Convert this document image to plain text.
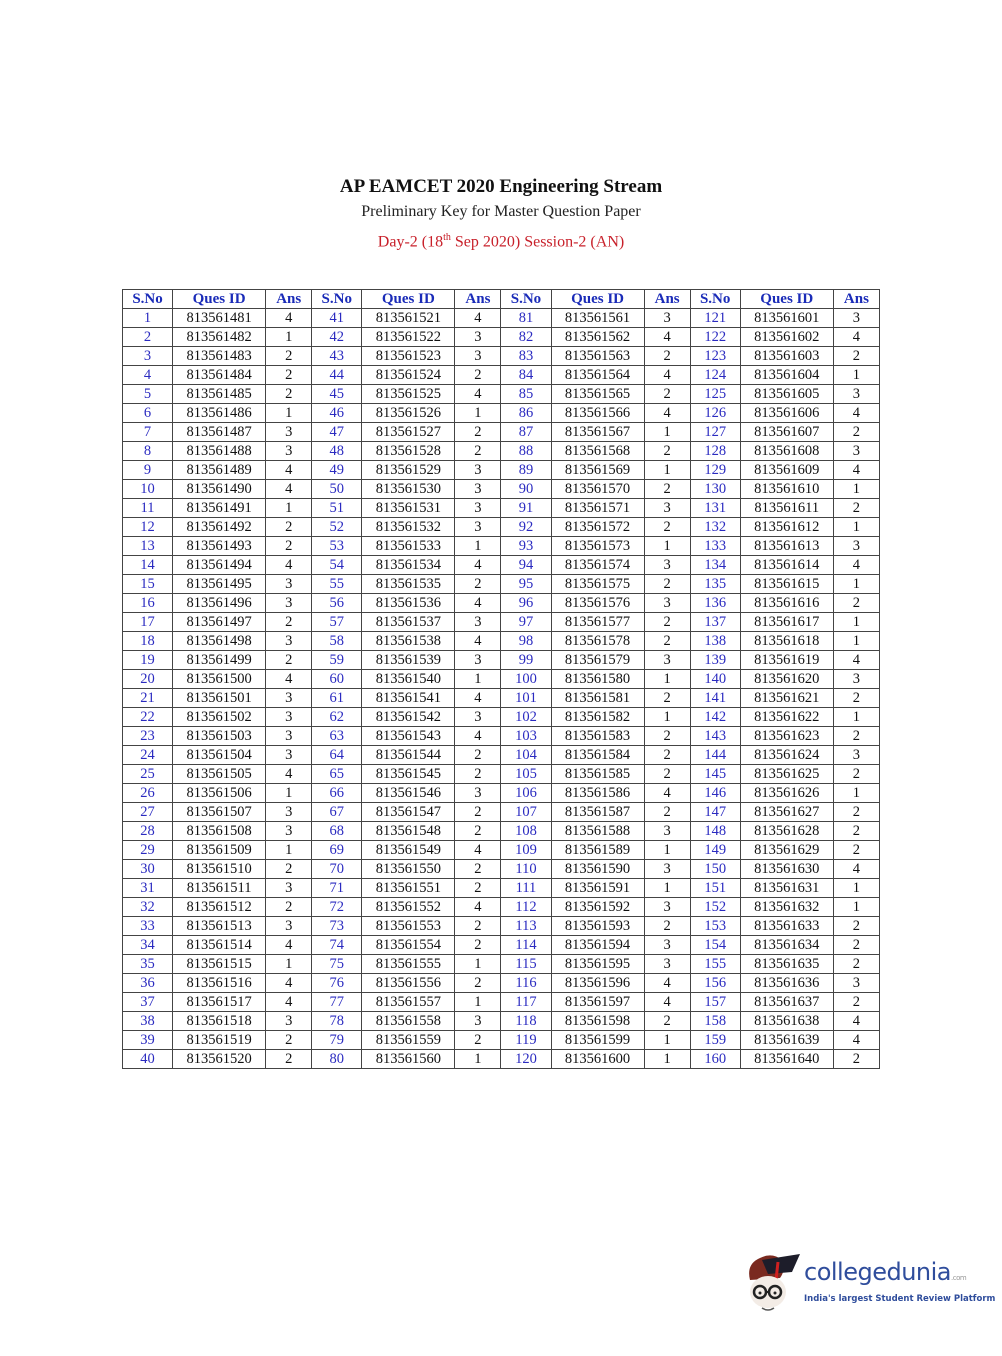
AP EAMCET 2020 Engineering Stream
Preliminary Key for Master Question Paper
Day-2 (18th Sep 2020) Session-2 (AN)
S.No	Ques ID	Ans	S.No	Ques ID	Ans	S.No	Ques ID	Ans	S.No	Ques ID	Ans
1	813561481	4	41	813561521	4	81	813561561	3	121	813561601	3
2	813561482	1	42	813561522	3	82	813561562	4	122	813561602	4
3	813561483	2	43	813561523	3	83	813561563	2	123	813561603	2
4	813561484	2	44	813561524	2	84	813561564	4	124	813561604	1
5	813561485	2	45	813561525	4	85	813561565	2	125	813561605	3
6	813561486	1	46	813561526	1	86	813561566	4	126	813561606	4
7	813561487	3	47	813561527	2	87	813561567	1	127	813561607	2
8	813561488	3	48	813561528	2	88	813561568	2	128	813561608	3
9	813561489	4	49	813561529	3	89	813561569	1	129	813561609	4
10	813561490	4	50	813561530	3	90	813561570	2	130	813561610	1
11	813561491	1	51	813561531	3	91	813561571	3	131	813561611	2
12	813561492	2	52	813561532	3	92	813561572	2	132	813561612	1
13	813561493	2	53	813561533	1	93	813561573	1	133	813561613	3
14	813561494	4	54	813561534	4	94	813561574	3	134	813561614	4
15	813561495	3	55	813561535	2	95	813561575	2	135	813561615	1
16	813561496	3	56	813561536	4	96	813561576	3	136	813561616	2
17	813561497	2	57	813561537	3	97	813561577	2	137	813561617	1
18	813561498	3	58	813561538	4	98	813561578	2	138	813561618	1
19	813561499	2	59	813561539	3	99	813561579	3	139	813561619	4
20	813561500	4	60	813561540	1	100	813561580	1	140	813561620	3
21	813561501	3	61	813561541	4	101	813561581	2	141	813561621	2
22	813561502	3	62	813561542	3	102	813561582	1	142	813561622	1
23	813561503	3	63	813561543	4	103	813561583	2	143	813561623	2
24	813561504	3	64	813561544	2	104	813561584	2	144	813561624	3
25	813561505	4	65	813561545	2	105	813561585	2	145	813561625	2
26	813561506	1	66	813561546	3	106	813561586	4	146	813561626	1
27	813561507	3	67	813561547	2	107	813561587	2	147	813561627	2
28	813561508	3	68	813561548	2	108	813561588	3	148	813561628	2
29	813561509	1	69	813561549	4	109	813561589	1	149	813561629	2
30	813561510	2	70	813561550	2	110	813561590	3	150	813561630	4
31	813561511	3	71	813561551	2	111	813561591	1	151	813561631	1
32	813561512	2	72	813561552	4	112	813561592	3	152	813561632	1
33	813561513	3	73	813561553	2	113	813561593	2	153	813561633	2
34	813561514	4	74	813561554	2	114	813561594	3	154	813561634	2
35	813561515	1	75	813561555	1	115	813561595	3	155	813561635	2
36	813561516	4	76	813561556	2	116	813561596	4	156	813561636	3
37	813561517	4	77	813561557	1	117	813561597	4	157	813561637	2
38	813561518	3	78	813561558	3	118	813561598	2	158	813561638	4
39	813561519	2	79	813561559	2	119	813561599	1	159	813561639	4
40	813561520	2	80	813561560	1	120	813561600	1	160	813561640	2
collegedunia.com
India's largest Student Review Platform
